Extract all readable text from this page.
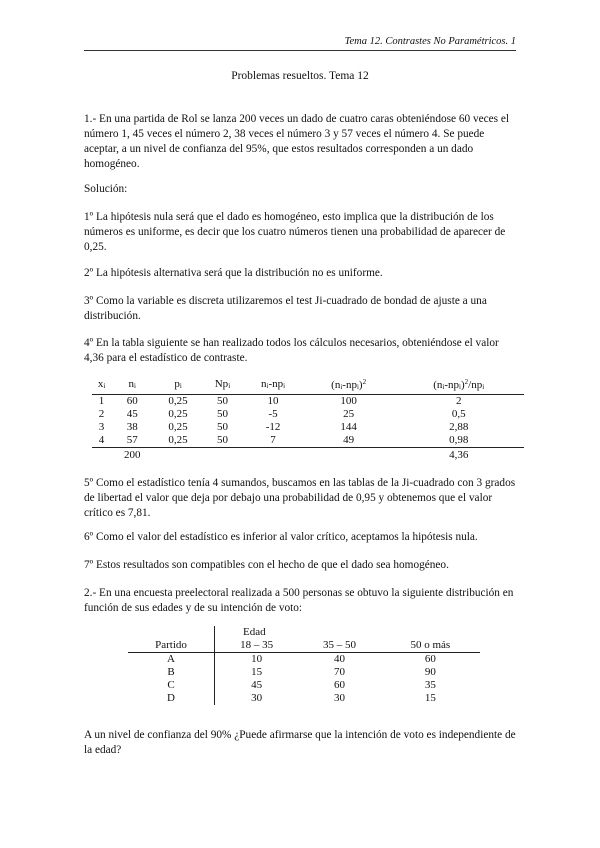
Tema 12. Contrastes No Paramétricos. 1
Problemas resueltos. Tema 12

1.- En una partida de Rol se lanza 200 veces un dado de cuatro caras obteniéndose 60 veces el número 1, 45 veces el número 2, 38 veces el número 3 y 57 veces el número 4. Se puede aceptar, a un nivel de confianza del 95%, que estos resultados corresponden a un dado homogéneo.

Solución:

1º La hipótesis nula será que el dado es homogéneo, esto implica que la distribución de los números es uniforme, es decir que los cuatro números tienen una probabilidad de aparecer de 0,25.

2º La hipótesis alternativa será que la distribución no es uniforme.

3º Como la variable es discreta utilizaremos el test Ji-cuadrado de bondad de ajuste a una distribución.

4º En la tabla siguiente se han realizado todos los cálculos necesarios, obteniéndose el valor 4,36 para el estadístico de contraste.

$x_i$	$n_i$	$p_i$	$Np_i$	$n_i-np_i$	$(n_i-np_i)^2$	$(n_i-np_i)^2/np_i$
1	60	0,25	50	10	100	2
2	45	0,25	50	-5	25	0,5
3	38	0,25	50	-12	144	2,88
4	57	0,25	50	7	49	0,98
	200					4,36

5º Como el estadístico tenía 4 sumandos, buscamos en las tablas de la Ji-cuadrado con 3 grados de libertad el valor que deja por debajo una probabilidad de 0,95 y obtenemos que el valor crítico es 7,81.

6º Como el valor del estadístico es inferior al valor crítico, aceptamos la hipótesis nula.

7º Estos resultados son compatibles con el hecho de que el dado sea homogéneo.

2.- En una encuesta preelectoral realizada a 500 personas se obtuvo la siguiente distribución en función de sus edades y de su intención de voto:

	Edad		
Partido	18 – 35	35 – 50	50 o más
A	10	40	60
B	15	70	90
C	45	60	35
D	30	30	15

A un nivel de confianza del 90% ¿Puede afirmarse que la intención de voto es independiente de la edad?
